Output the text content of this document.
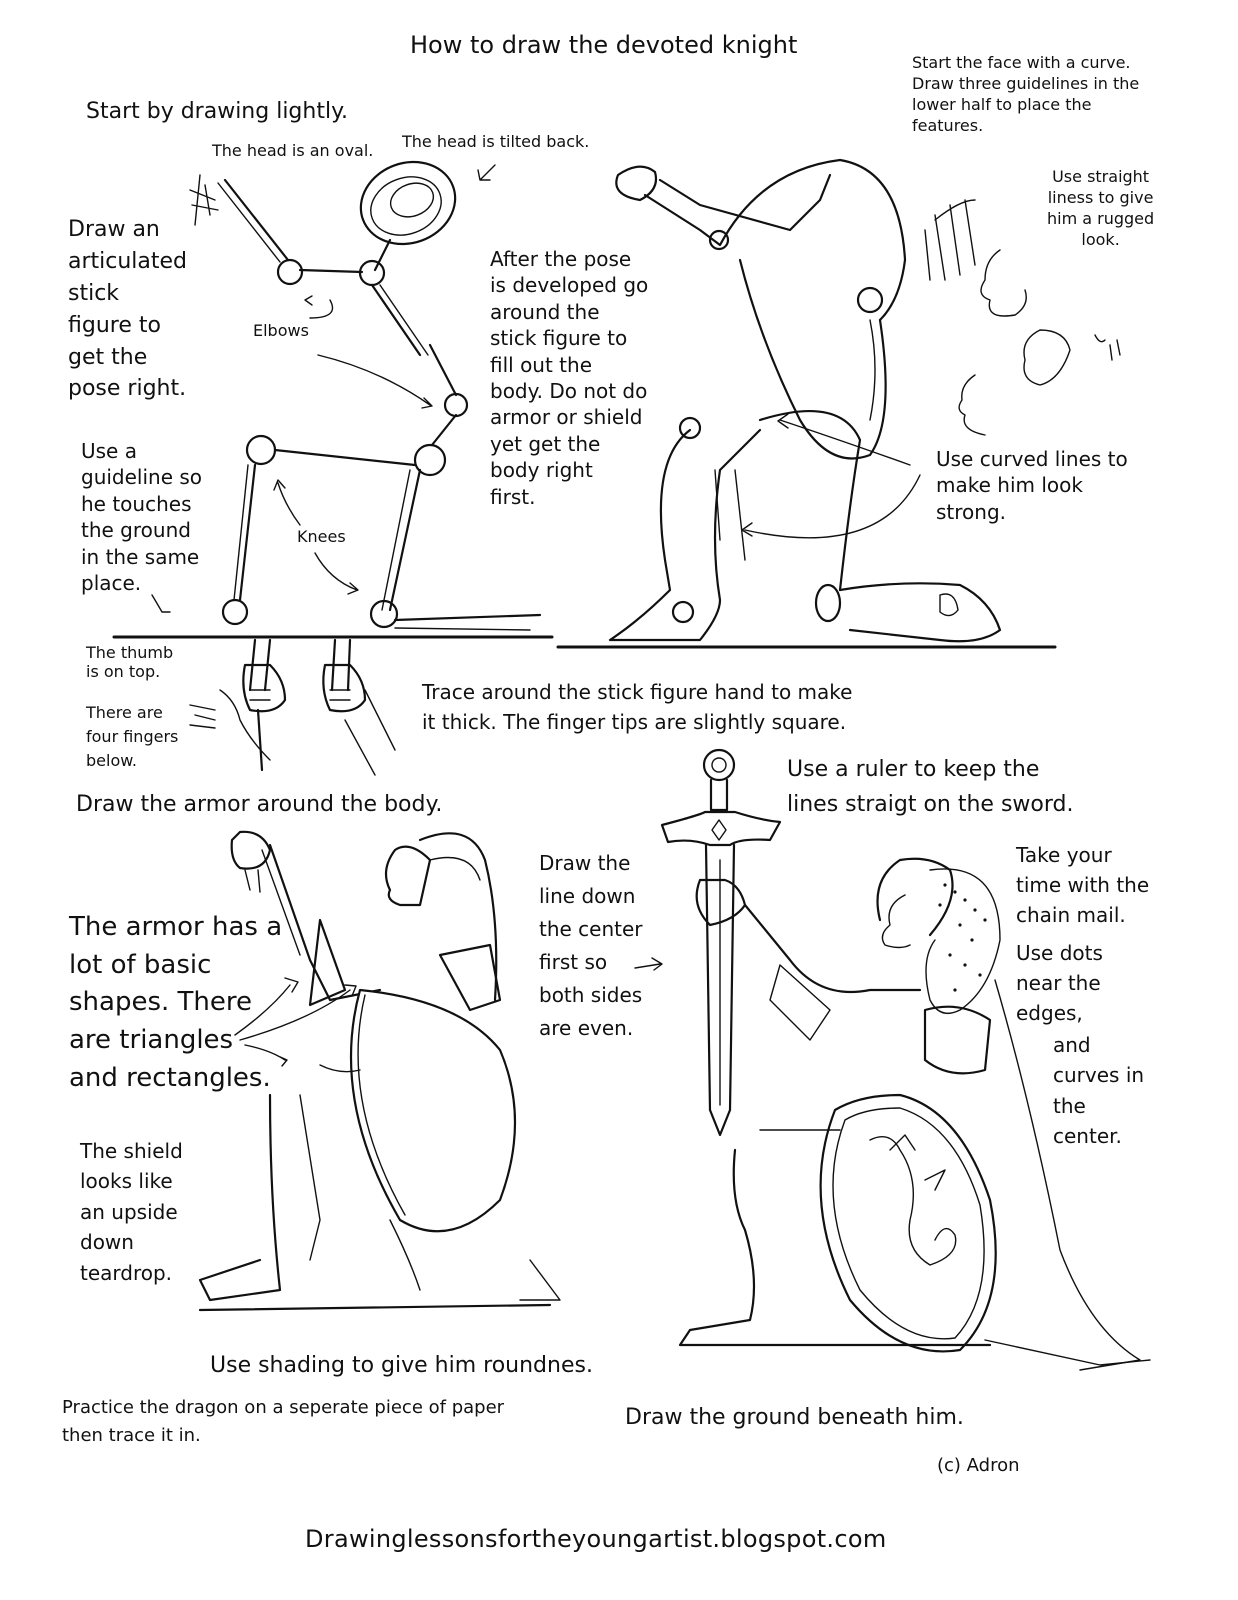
How to draw the devoted knight
Start by drawing lightly.
The head is an oval. The head is tilted back.
Draw an
articulated
stick
figure to
get the
pose right.
Elbows
Use a
guideline so
he touches
the ground
in the same
place.
Knees
After the pose
is developed go
around the
stick figure to
fill out the
body. Do not do
armor or shield
yet get the
body right
first.
Start the face with a curve.
Draw three guidelines in the
lower half to place the
features.
Use straight
liness to give
him a rugged
look.
Use curved lines to
make him look
strong.
The thumb
is on top.
There are
four fingers
below.
Trace around the stick figure hand to make
it thick. The finger tips are slightly square.
Draw the armor around the body.
The armor has a
lot of basic
shapes. There
are triangles
and rectangles.
Draw the
line down
the center
first so
both sides
are even.
The shield
looks like
an upside
down
teardrop.
Use shading to give him roundnes.
Practice the dragon on a seperate piece of paper
then trace it in.
Use a ruler to keep the
lines straigt on the sword.
Take your
time with the
chain mail.
Use dots
near the
edges,
and
curves in
the
center.
Draw the ground beneath him.
(c) Adron
Drawinglessonsfortheyoungartist.blogspot.com
